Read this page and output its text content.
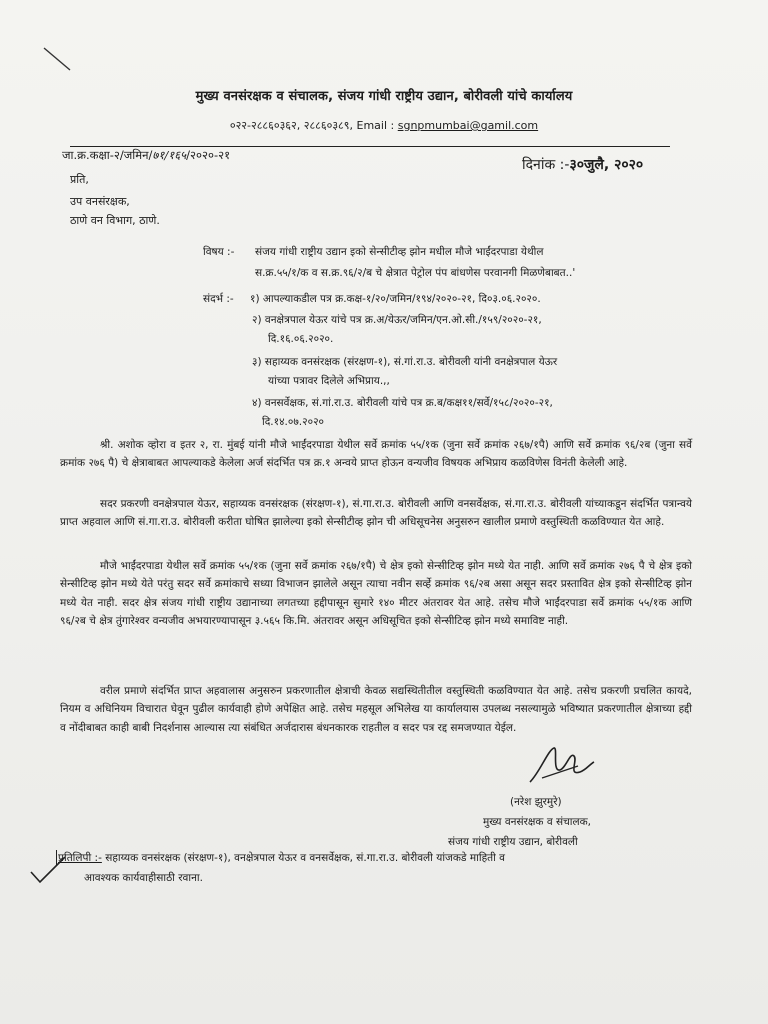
मुख्य वनसंरक्षक व संचालक, संजय गांधी राष्ट्रीय उद्यान, बोरीवली यांचे कार्यालय
०२२-२८८६०३६२, २८८६०३८९, Email : sgnpmumbai@gamil.com
जा.क्र.कक्षा-२/जमिन/७१/१६५/२०२०-२१
दिनांक :-३०जुलै, २०२०
प्रति,
उप वनसंरक्षक,
ठाणे वन विभाग, ठाणे.
विषय :- संजय गांधी राष्ट्रीय उद्यान इको सेन्सीटीव्ह झोन मधील मौजे भाईंदरपाडा येथील
स.क्र.५५/१/क व स.क्र.९६/२/ब चे क्षेत्रात पेट्रोल पंप बांधणेस परवानगी मिळणेबाबत..'
संदर्भ :- १) आपल्याकडील पत्र क्र.कक्ष-१/२०/जमिन/१९४/२०२०-२१, दि०३.०६.२०२०.
२) वनक्षेत्रपाल येऊर यांचे पत्र क्र.अ/येऊर/जमिन/एन.ओ.सी./१५९/२०२०-२१,
दि.१६.०६.२०२०.
३) सहाय्यक वनसंरक्षक (संरक्षण-१), सं.गां.रा.उ. बोरीवली यांनी वनक्षेत्रपाल येऊर
यांच्या पत्रावर दिलेले अभिप्राय.,,
४) वनसर्वेक्षक, सं.गां.रा.उ. बोरीवली यांचे पत्र क्र.ब/कक्ष११/सर्वे/१५८/२०२०-२१,
दि.१४.०७.२०२०
श्री. अशोक व्होरा व इतर २, रा. मुंबई यांनी मौजे भाईंदरपाडा येथील सर्वे क्रमांक ५५/१क (जुना सर्वे क्रमांक २६७/१पै) आणि सर्वे क्रमांक ९६/२ब (जुना सर्वे क्रमांक २७६ पै) चे क्षेत्राबाबत आपल्याकडे केलेला अर्ज संदर्भित पत्र क्र.१ अन्वये प्राप्त होऊन वन्यजीव विषयक अभिप्राय कळविणेस विनंती केलेली आहे.
सदर प्रकरणी वनक्षेत्रपाल येऊर, सहाय्यक वनसंरक्षक (संरक्षण-१), सं.गा.रा.उ. बोरीवली आणि वनसर्वेक्षक, सं.गा.रा.उ. बोरीवली यांच्याकडून संदर्भित पत्रान्वये प्राप्त अहवाल आणि सं.गा.रा.उ. बोरीवली करीता घोषित झालेल्या इको सेन्सीटीव्ह झोन ची अधिसूचनेस अनुसरुन खालील प्रमाणे वस्तुस्थिती कळविण्यात येत आहे.
मौजे भाईंदरपाडा येथील सर्वे क्रमांक ५५/१क (जुना सर्वे क्रमांक २६७/१पै) चे क्षेत्र इको सेन्सीटिव्ह झोन मध्ये येत नाही. आणि सर्वे क्रमांक २७६ पै चे क्षेत्र इको सेन्सीटिव्ह झोन मध्ये येते परंतु सदर सर्वे क्रमांकाचे सध्या विभाजन झालेले असून त्याचा नवीन सर्व्हे क्रमांक ९६/२ब असा असून सदर प्रस्तावित क्षेत्र इको सेन्सीटिव्ह झोन मध्ये येत नाही. सदर क्षेत्र संजय गांधी राष्ट्रीय उद्यानाच्या लगतच्या हद्दीपासून सुमारे १४० मीटर अंतरावर येत आहे. तसेच मौजे भाईंदरपाडा सर्वे क्रमांक ५५/१क आणि ९६/२ब चे क्षेत्र तुंगारेश्वर वन्यजीव अभयारण्यापासून ३.५६५ कि.मि. अंतरावर असून अधिसूचित इको सेन्सीटिव्ह झोन मध्ये समाविष्ट नाही.
वरील प्रमाणे संदर्भित प्राप्त अहवालास अनुसरुन प्रकरणातील क्षेत्राची केवळ सद्यस्थितीतील वस्तुस्थिती कळविण्यात येत आहे. तसेच प्रकरणी प्रचलित कायदे, नियम व अधिनियम विचारात घेवून पुढील कार्यवाही होणे अपेक्षित आहे. तसेच महसूल अभिलेख या कार्यालयास उपलब्ध नसल्यामुळे भविष्यात प्रकरणातील क्षेत्राच्या हद्दी व नोंदीबाबत काही बाबी निदर्शनास आल्यास त्या संबंधित अर्जदारास बंधनकारक राहतील व सदर पत्र रद्द समजण्यात येईल.
(नरेश झुरमुरे)
मुख्य वनसंरक्षक व संचालक,
संजय गांधी राष्ट्रीय उद्यान, बोरीवली
प्रतिलिपी :- सहाय्यक वनसंरक्षक (संरक्षण-१), वनक्षेत्रपाल येऊर व वनसर्वेक्षक, सं.गा.रा.उ. बोरीवली यांजकडे माहिती व
आवश्यक कार्यवाहीसाठी रवाना.
